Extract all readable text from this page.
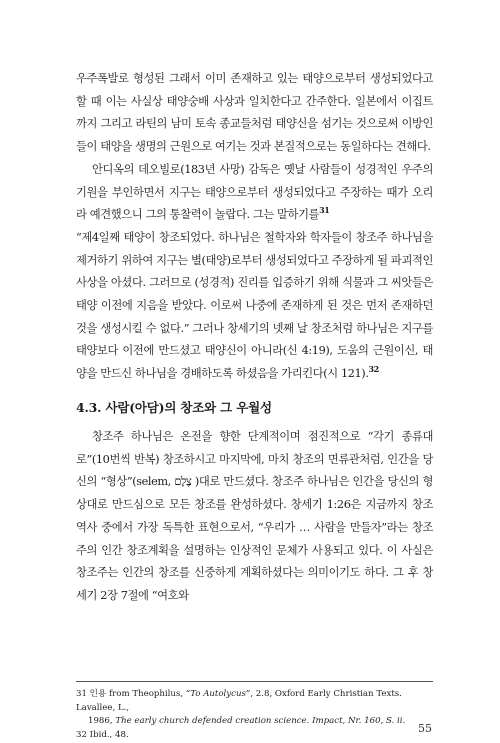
우주폭발로 형성된 그래서 이미 존재하고 있는 태양으로부터 생성되었다고 할 때 이는 사실상 태양숭배 사상과 일치한다고 간주한다. 일본에서 이집트까지 그리고 라틴의 남미 토속 종교들처럼 태양신을 섬기는 것으로써 이방인들이 태양을 생명의 근원으로 여기는 것과 본질적으로는 동일하다는 견해다.

안디옥의 데오빌로(183년 사망) 감독은 옛날 사람들이 성경적인 우주의 기원을 부인하면서 지구는 태양으로부터 생성되었다고 주장하는 때가 오리라 예견했으니 그의 통찰력이 놀랍다. 그는 말하기를$^{31}$

“제4일째 태양이 창조되었다. 하나님은 철학자와 학자들이 창조주 하나님을 제거하기 위하여 지구는 별(태양)로부터 생성되었다고 주장하게 될 파괴적인 사상을 아셨다. 그러므로 (성경적) 진리를 입증하기 위해 식물과 그 씨앗들은 태양 이전에 지음을 받았다. 이로써 나중에 존재하게 된 것은 먼저 존재하던 것을 생성시킬 수 없다.” 그러나 창세기의 넷째 날 창조처럼 하나님은 지구를 태양보다 이전에 만드셨고 태양신이 아니라(신 4:19), 도움의 근원이신, 태양을 만드신 하나님을 경배하도록 하셨음을 가리킨다(시 121).$^{32}$

4.3. 사람(아담)의 창조와 그 우월성

창조주 하나님은 온전을 향한 단계적이며 점진적으로 “각기 종류대로”(10번씩 반복) 창조하시고 마지막에, 마치 창조의 면류관처럼, 인간을 당신의 “형상”(selem, צֶלֶם )대로 만드셨다. 창조주 하나님은 인간을 당신의 형상대로 만드심으로 모든 창조를 완성하셨다. 창세기 1:26은 지금까지 창조역사 중에서 가장 독특한 표현으로서, “우리가 … 사람을 만들자”라는 창조주의 인간 창조계획을 설명하는 인상적인 문체가 사용되고 있다. 이 사실은 창조주는 인간의 창조를 신중하게 계획하셨다는 의미이기도 하다. 그 후 창세기 2장 7절에 “여호와

31 인용 from Theophilus, “To Autolycus”, 2.8, Oxford Early Christian Texts. Lavallee, L.,

1986, The early church defended creation science. Impact, Nr. 160, S. ii.

32 Ibid., 48.	55
